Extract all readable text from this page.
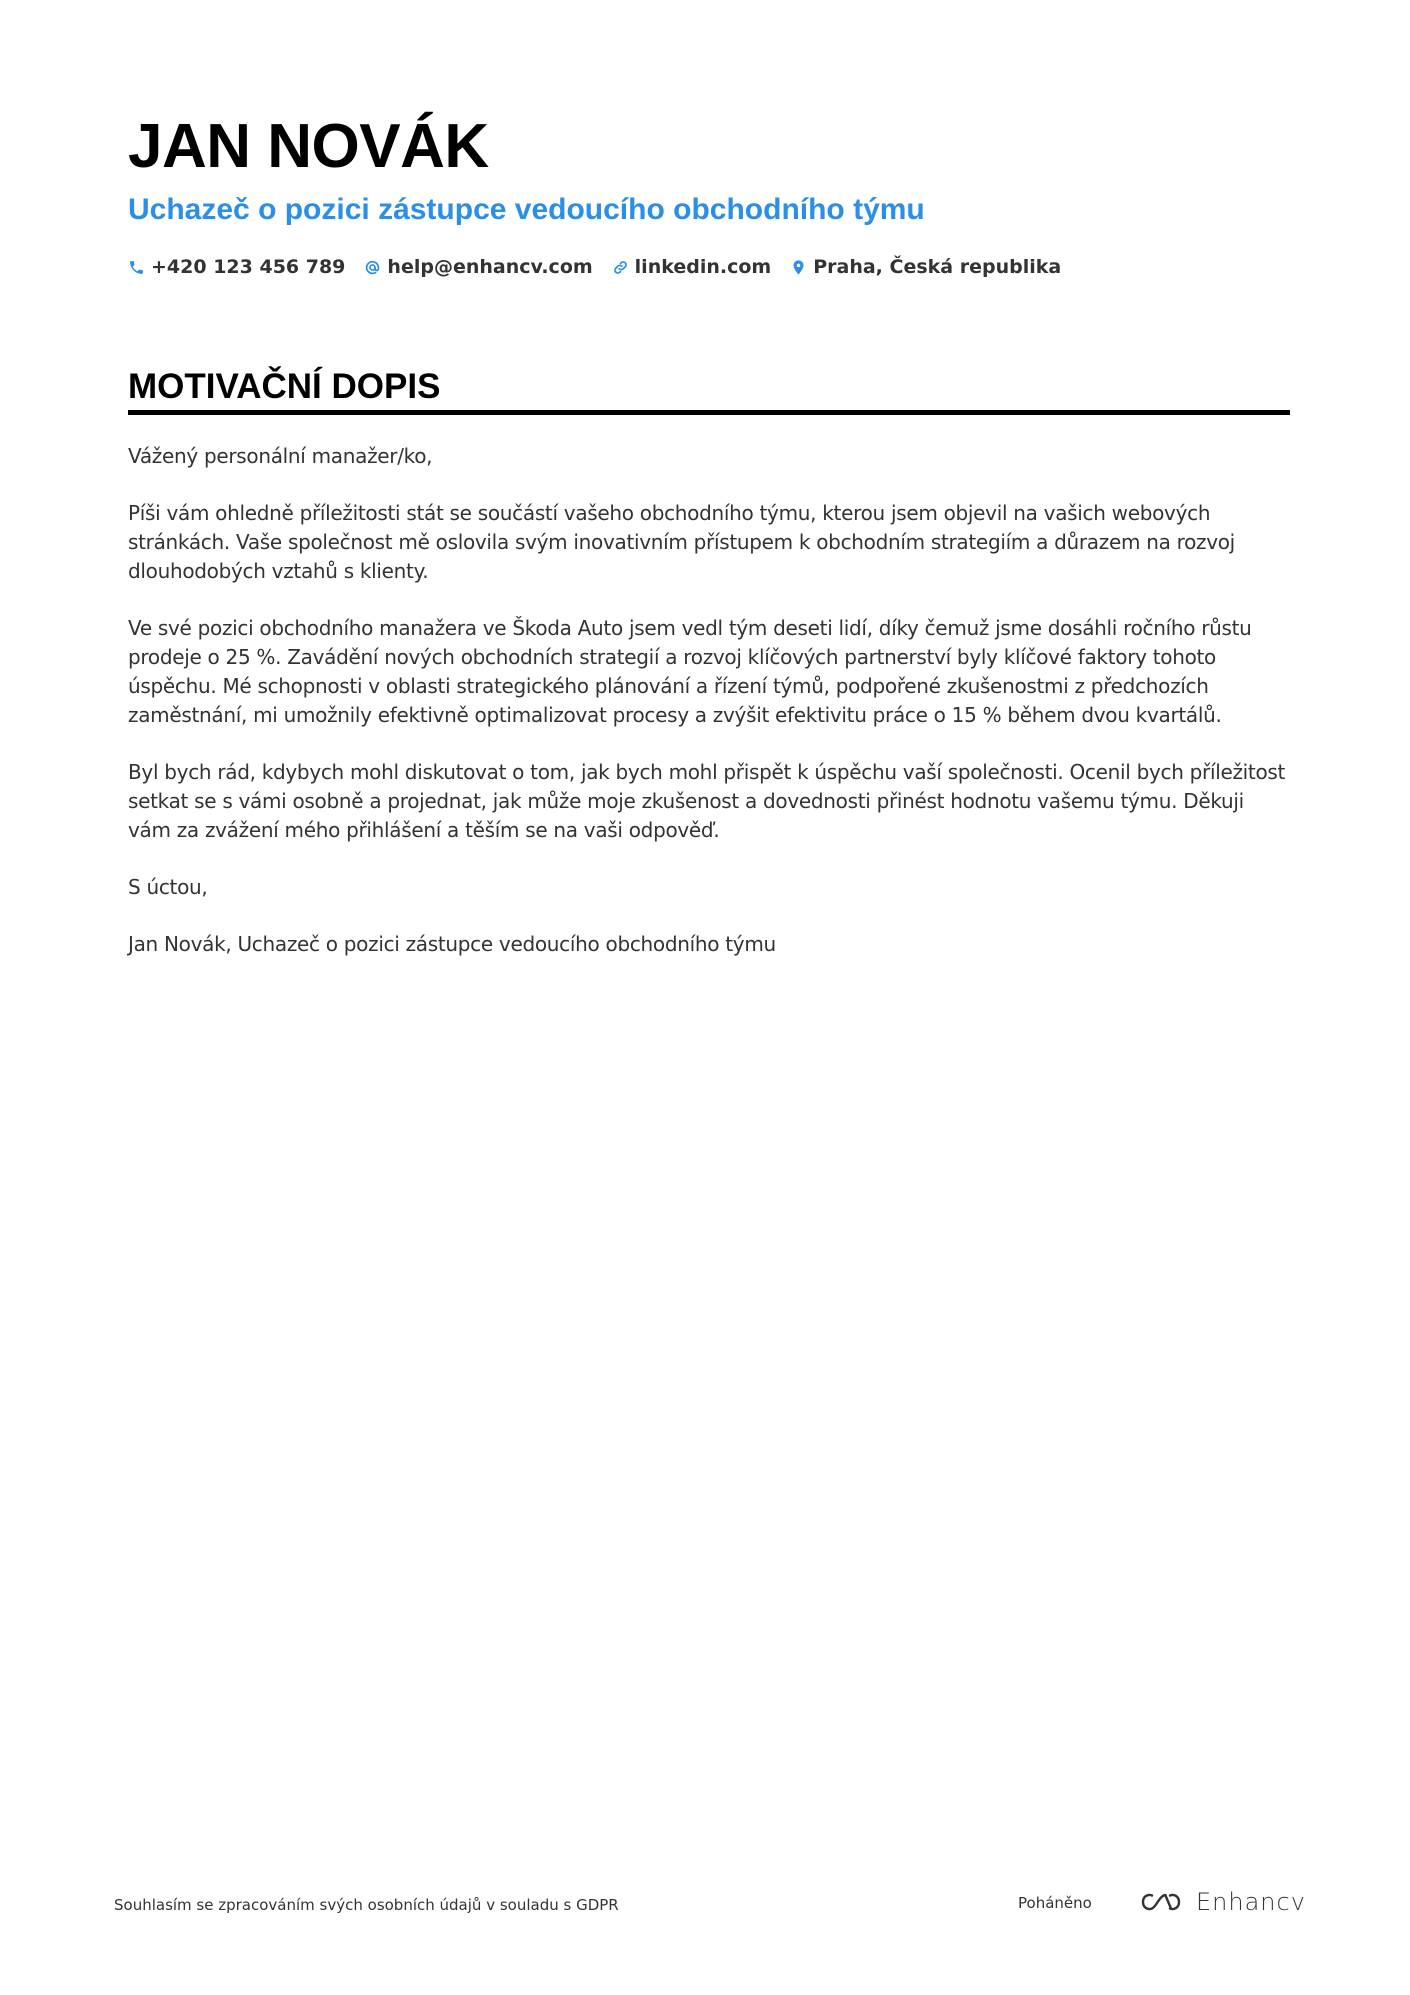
JAN NOVÁK
Uchazeč o pozici zástupce vedoucího obchodního týmu
+420 123 456 789 help@enhancv.com linkedin.com Praha, Česká republika
MOTIVAČNÍ DOPIS

Vážený personální manažer/ko,

Píši vám ohledně příležitosti stát se součástí vašeho obchodního týmu, kterou jsem objevil na vašich webových stránkách. Vaše společnost mě oslovila svým inovativním přístupem k obchodním strategiím a důrazem na rozvoj dlouhodobých vztahů s klienty.

Ve své pozici obchodního manažera ve Škoda Auto jsem vedl tým deseti lidí, díky čemuž jsme dosáhli ročního růstu prodeje o 25 %. Zavádění nových obchodních strategií a rozvoj klíčových partnerství byly klíčové faktory tohoto úspěchu. Mé schopnosti v oblasti strategického plánování a řízení týmů, podpořené zkušenostmi z předchozích zaměstnání, mi umožnily efektivně optimalizovat procesy a zvýšit efektivitu práce o 15 % během dvou kvartálů.

Byl bych rád, kdybych mohl diskutovat o tom, jak bych mohl přispět k úspěchu vaší společnosti. Ocenil bych příležitost setkat se s vámi osobně a projednat, jak může moje zkušenost a dovednosti přinést hodnotu vašemu týmu. Děkuji vám za zvážení mého přihlášení a těším se na vaši odpověď.

S úctou,

Jan Novák, Uchazeč o pozici zástupce vedoucího obchodního týmu

Souhlasím se zpracováním svých osobních údajů v souladu s GDPR	Poháněno	Enhancv
